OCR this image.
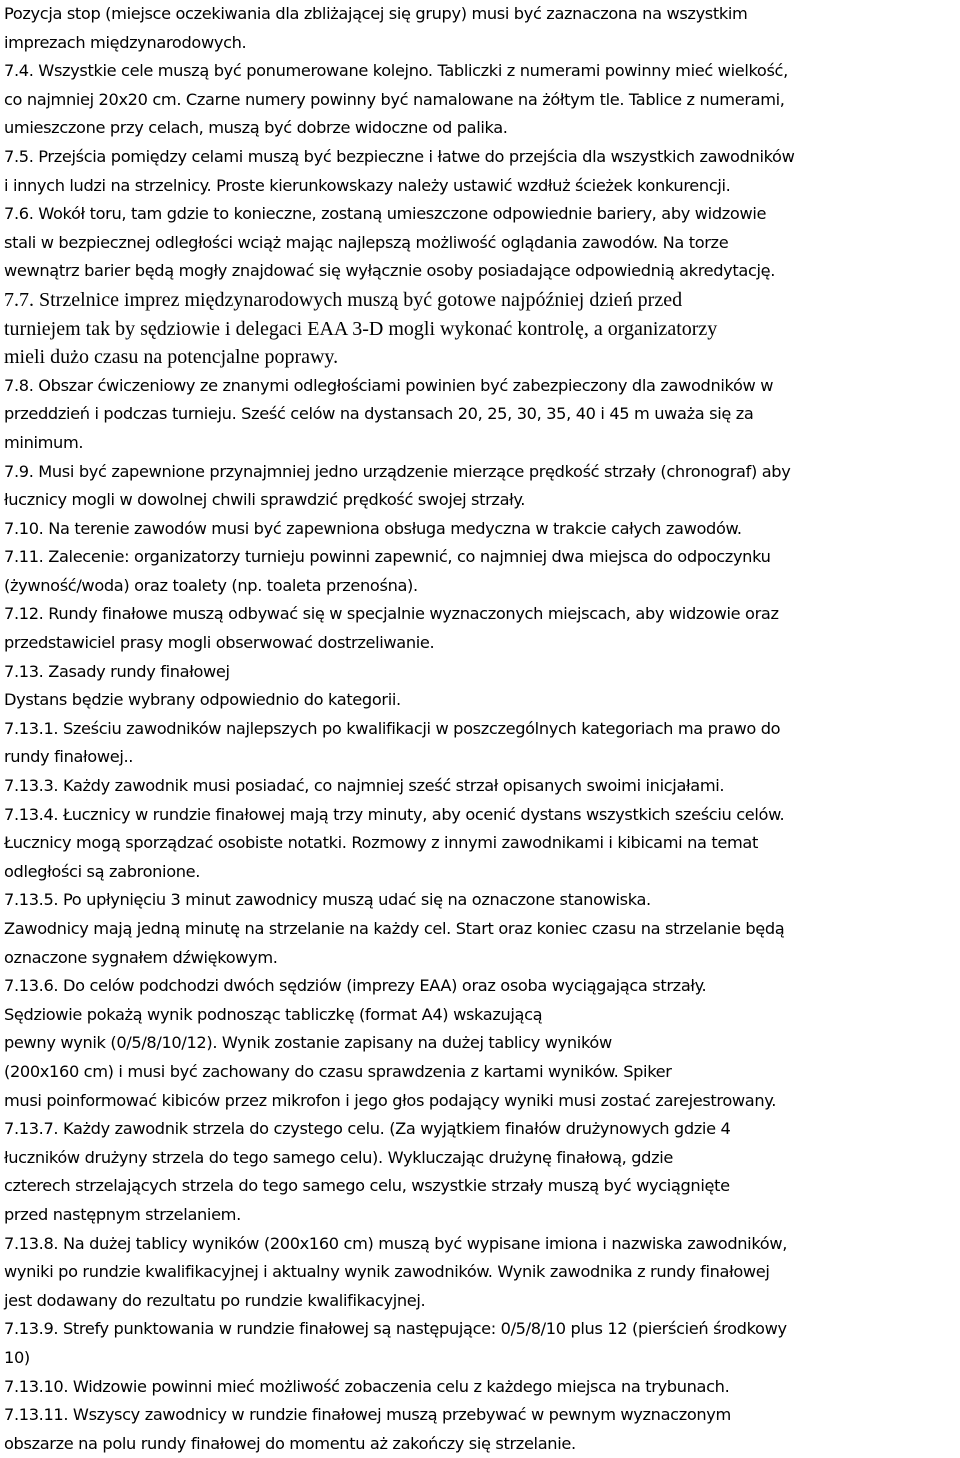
Pozycja stop (miejsce oczekiwania dla zbliżającej się grupy) musi być zaznaczona na wszystkim
imprezach międzynarodowych.
7.4. Wszystkie cele muszą być ponumerowane kolejno. Tabliczki z numerami powinny mieć wielkość,
co najmniej 20x20 cm. Czarne numery powinny być namalowane na żółtym tle. Tablice z numerami,
umieszczone przy celach, muszą być dobrze widoczne od palika.
7.5. Przejścia pomiędzy celami muszą być bezpieczne i łatwe do przejścia dla wszystkich zawodników
i innych ludzi na strzelnicy. Proste kierunkowskazy należy ustawić wzdłuż ścieżek konkurencji.
7.6. Wokół toru, tam gdzie to konieczne, zostaną umieszczone odpowiednie bariery, aby widzowie
stali w bezpiecznej odległości wciąż mając najlepszą możliwość oglądania zawodów. Na torze
wewnątrz barier będą mogły znajdować się wyłącznie osoby posiadające odpowiednią akredytację.
7.7. Strzelnice imprez międzynarodowych muszą być gotowe najpóźniej dzień przed
turniejem tak by sędziowie i delegaci EAA 3-D mogli wykonać kontrolę, a organizatorzy
mieli dużo czasu na potencjalne poprawy.
7.8. Obszar ćwiczeniowy ze znanymi odległościami powinien być zabezpieczony dla zawodników w
przeddzień i podczas turnieju. Sześć celów na dystansach 20, 25, 30, 35, 40 i 45 m uważa się za
minimum.
7.9. Musi być zapewnione przynajmniej jedno urządzenie mierzące prędkość strzały (chronograf) aby
łucznicy mogli w dowolnej chwili sprawdzić prędkość swojej strzały.
7.10. Na terenie zawodów musi być zapewniona obsługa medyczna w trakcie całych zawodów.
7.11. Zalecenie: organizatorzy turnieju powinni zapewnić, co najmniej dwa miejsca do odpoczynku
(żywność/woda) oraz toalety (np. toaleta przenośna).
7.12. Rundy finałowe muszą odbywać się w specjalnie wyznaczonych miejscach, aby widzowie oraz
przedstawiciel prasy mogli obserwować dostrzeliwanie.
7.13. Zasady rundy finałowej
Dystans będzie wybrany odpowiednio do kategorii.
7.13.1. Sześciu zawodników najlepszych po kwalifikacji w poszczególnych kategoriach ma prawo do
rundy finałowej..
7.13.3. Każdy zawodnik musi posiadać, co najmniej sześć strzał opisanych swoimi inicjałami.
7.13.4. Łucznicy w rundzie finałowej mają trzy minuty, aby ocenić dystans wszystkich sześciu celów.
Łucznicy mogą sporządzać osobiste notatki. Rozmowy z innymi zawodnikami i kibicami na temat
odległości są zabronione.
7.13.5. Po upłynięciu 3 minut zawodnicy muszą udać się na oznaczone stanowiska.
Zawodnicy mają jedną minutę na strzelanie na każdy cel. Start oraz koniec czasu na strzelanie będą
oznaczone sygnałem dźwiękowym.
7.13.6. Do celów podchodzi dwóch sędziów (imprezy EAA) oraz osoba wyciągająca strzały.
Sędziowie pokażą wynik podnosząc tabliczkę (format A4) wskazującą
pewny wynik (0/5/8/10/12). Wynik zostanie zapisany na dużej tablicy wyników
(200x160 cm) i musi być zachowany do czasu sprawdzenia z kartami wyników. Spiker
musi poinformować kibiców przez mikrofon i jego głos podający wyniki musi zostać zarejestrowany.
7.13.7. Każdy zawodnik strzela do czystego celu. (Za wyjątkiem finałów drużynowych gdzie 4
łuczników drużyny strzela do tego samego celu). Wykluczając drużynę finałową, gdzie
czterech strzelających strzela do tego samego celu, wszystkie strzały muszą być wyciągnięte
przed następnym strzelaniem.
7.13.8. Na dużej tablicy wyników (200x160 cm) muszą być wypisane imiona i nazwiska zawodników,
wyniki po rundzie kwalifikacyjnej i aktualny wynik zawodników. Wynik zawodnika z rundy finałowej
jest dodawany do rezultatu po rundzie kwalifikacyjnej.
7.13.9. Strefy punktowania w rundzie finałowej są następujące: 0/5/8/10 plus 12 (pierścień środkowy
10)
7.13.10. Widzowie powinni mieć możliwość zobaczenia celu z każdego miejsca na trybunach.
7.13.11. Wszyscy zawodnicy w rundzie finałowej muszą przebywać w pewnym wyznaczonym
obszarze na polu rundy finałowej do momentu aż zakończy się strzelanie.
